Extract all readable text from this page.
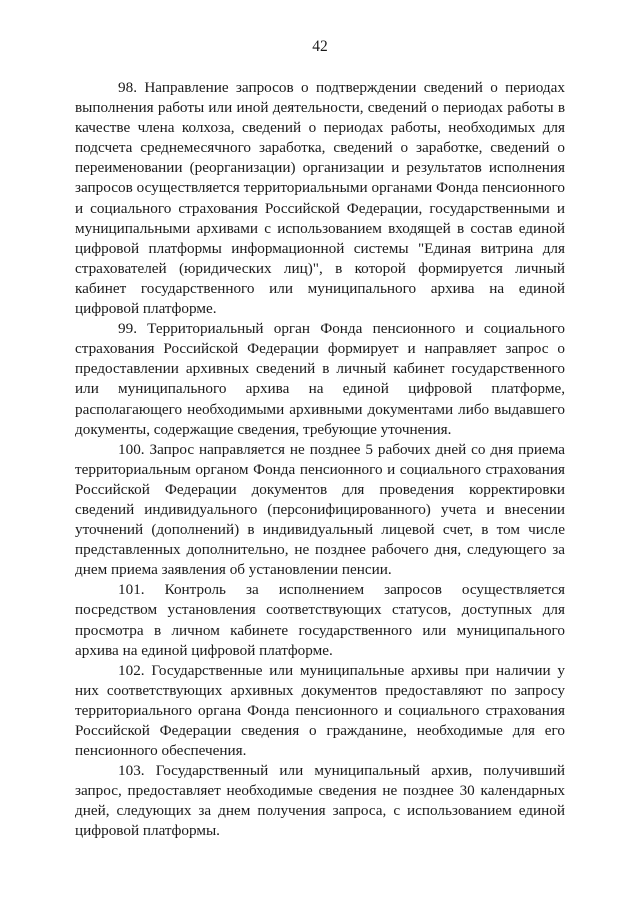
42

98. Направление запросов о подтверждении сведений о периодах выполнения работы или иной деятельности, сведений о периодах работы в качестве члена колхоза, сведений о периодах работы, необходимых для подсчета среднемесячного заработка, сведений о заработке, сведений о переименовании (реорганизации) организации и результатов исполнения запросов осуществляется территориальными органами Фонда пенсионного и социального страхования Российской Федерации, государственными и муниципальными архивами с использованием входящей в состав единой цифровой платформы информационной системы "Единая витрина для страхователей (юридических лиц)", в которой формируется личный кабинет государственного или муниципального архива на единой цифровой платформе.

99. Территориальный орган Фонда пенсионного и социального страхования Российской Федерации формирует и направляет запрос о предоставлении архивных сведений в личный кабинет государственного или муниципального архива на единой цифровой платформе, располагающего необходимыми архивными документами либо выдавшего документы, содержащие сведения, требующие уточнения.

100. Запрос направляется не позднее 5 рабочих дней со дня приема территориальным органом Фонда пенсионного и социального страхования Российской Федерации документов для проведения корректировки сведений индивидуального (персонифицированного) учета и внесении уточнений (дополнений) в индивидуальный лицевой счет, в том числе представленных дополнительно, не позднее рабочего дня, следующего за днем приема заявления об установлении пенсии.

101. Контроль за исполнением запросов осуществляется посредством установления соответствующих статусов, доступных для просмотра в личном кабинете государственного или муниципального архива на единой цифровой платформе.

102. Государственные или муниципальные архивы при наличии у них соответствующих архивных документов предоставляют по запросу территориального органа Фонда пенсионного и социального страхования Российской Федерации сведения о гражданине, необходимые для его пенсионного обеспечения.

103. Государственный или муниципальный архив, получивший запрос, предоставляет необходимые сведения не позднее 30 календарных дней, следующих за днем получения запроса, с использованием единой цифровой платформы.
